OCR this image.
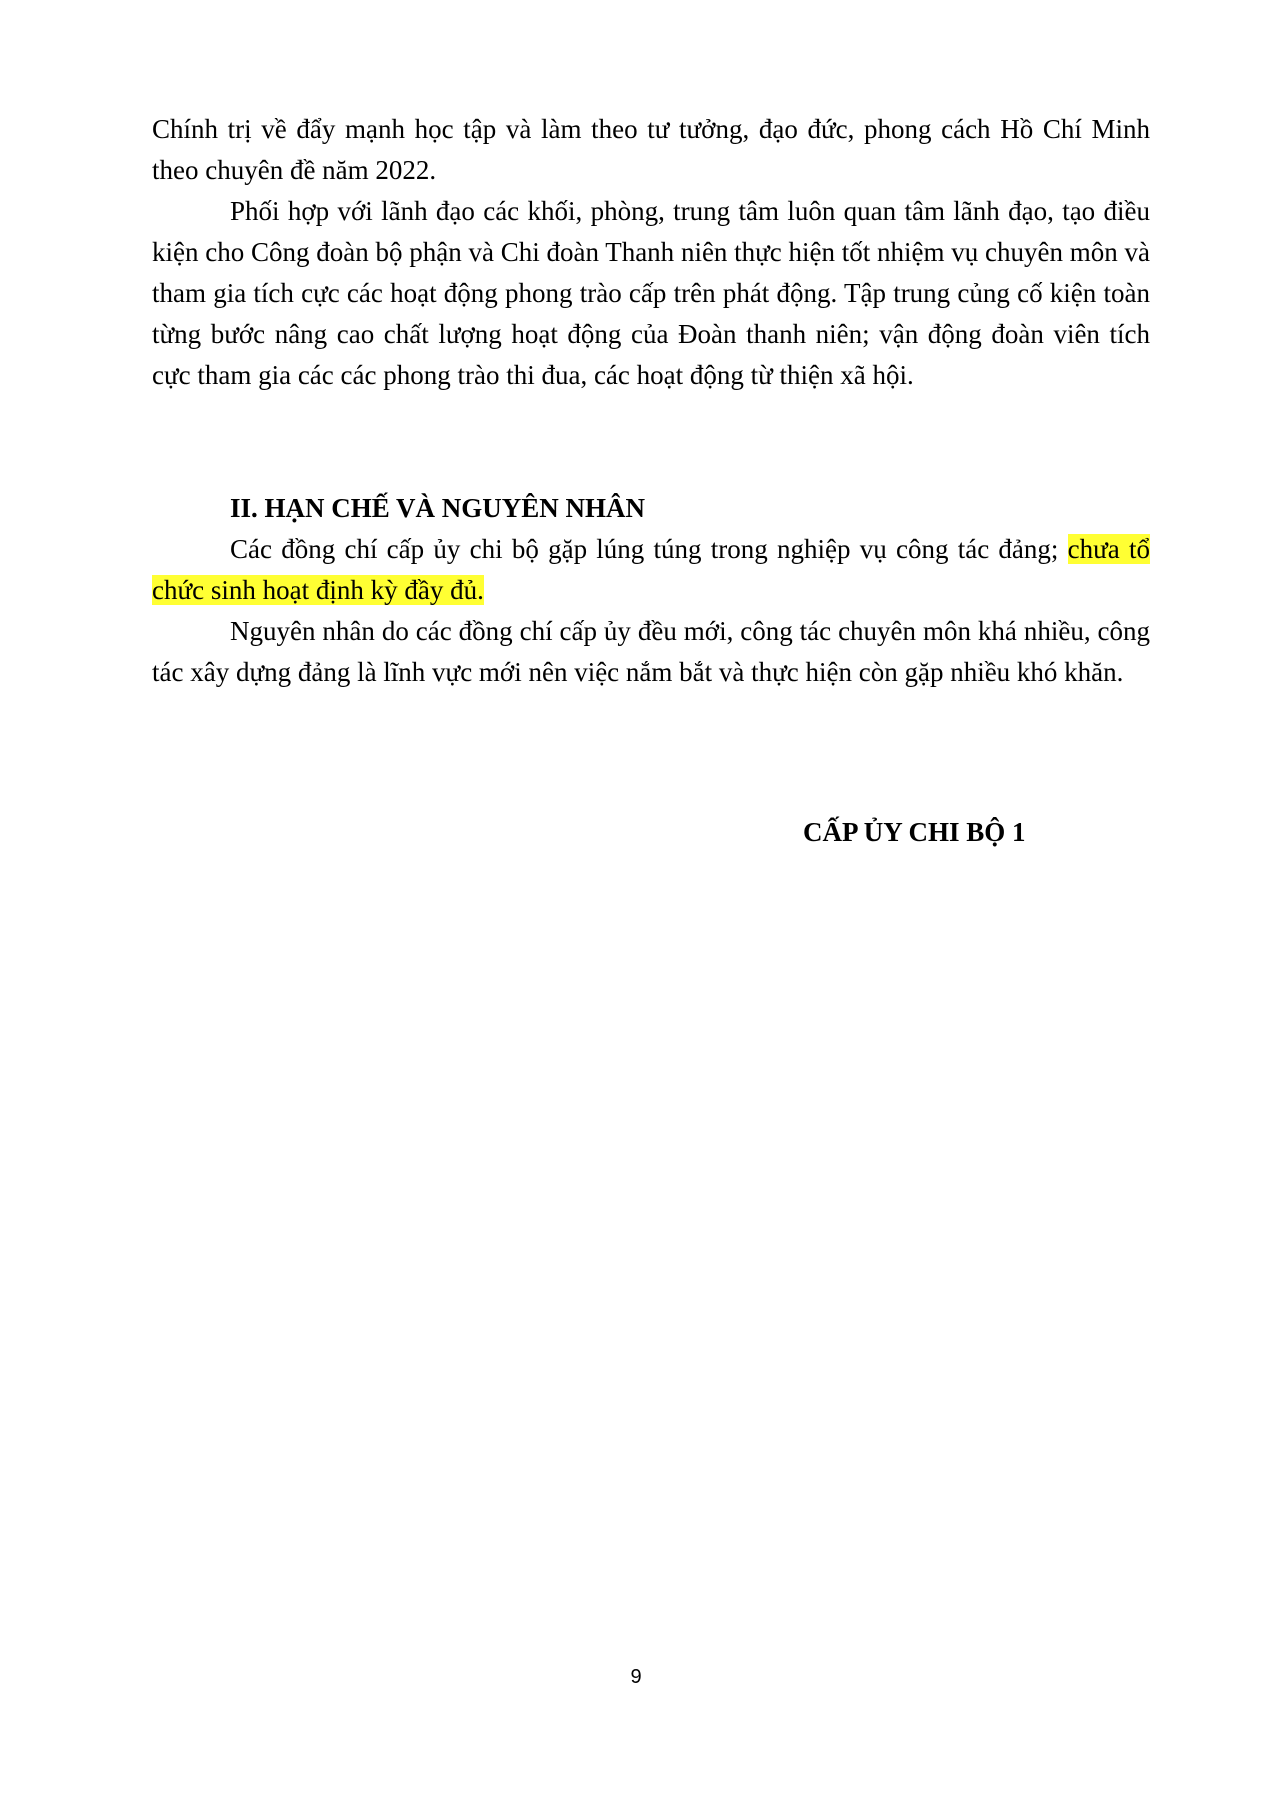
Chính trị về đẩy mạnh học tập và làm theo tư tưởng, đạo đức, phong cách Hồ Chí Minh theo chuyên đề năm 2022.

Phối hợp với lãnh đạo các khối, phòng, trung tâm luôn quan tâm lãnh đạo, tạo điều kiện cho Công đoàn bộ phận và Chi đoàn Thanh niên thực hiện tốt nhiệm vụ chuyên môn và tham gia tích cực các hoạt động phong trào cấp trên phát động. Tập trung củng cố kiện toàn từng bước nâng cao chất lượng hoạt động của Đoàn thanh niên; vận động đoàn viên tích cực tham gia các các phong trào thi đua, các hoạt động từ thiện xã hội.

II. HẠN CHẾ VÀ NGUYÊN NHÂN

Các đồng chí cấp ủy chi bộ gặp lúng túng trong nghiệp vụ công tác đảng; chưa tổ chức sinh hoạt định kỳ đầy đủ.

Nguyên nhân do các đồng chí cấp ủy đều mới, công tác chuyên môn khá nhiều, công tác xây dựng đảng là lĩnh vực mới nên việc nắm bắt và thực hiện còn gặp nhiều khó khăn.

CẤP ỦY CHI BỘ 1
9
